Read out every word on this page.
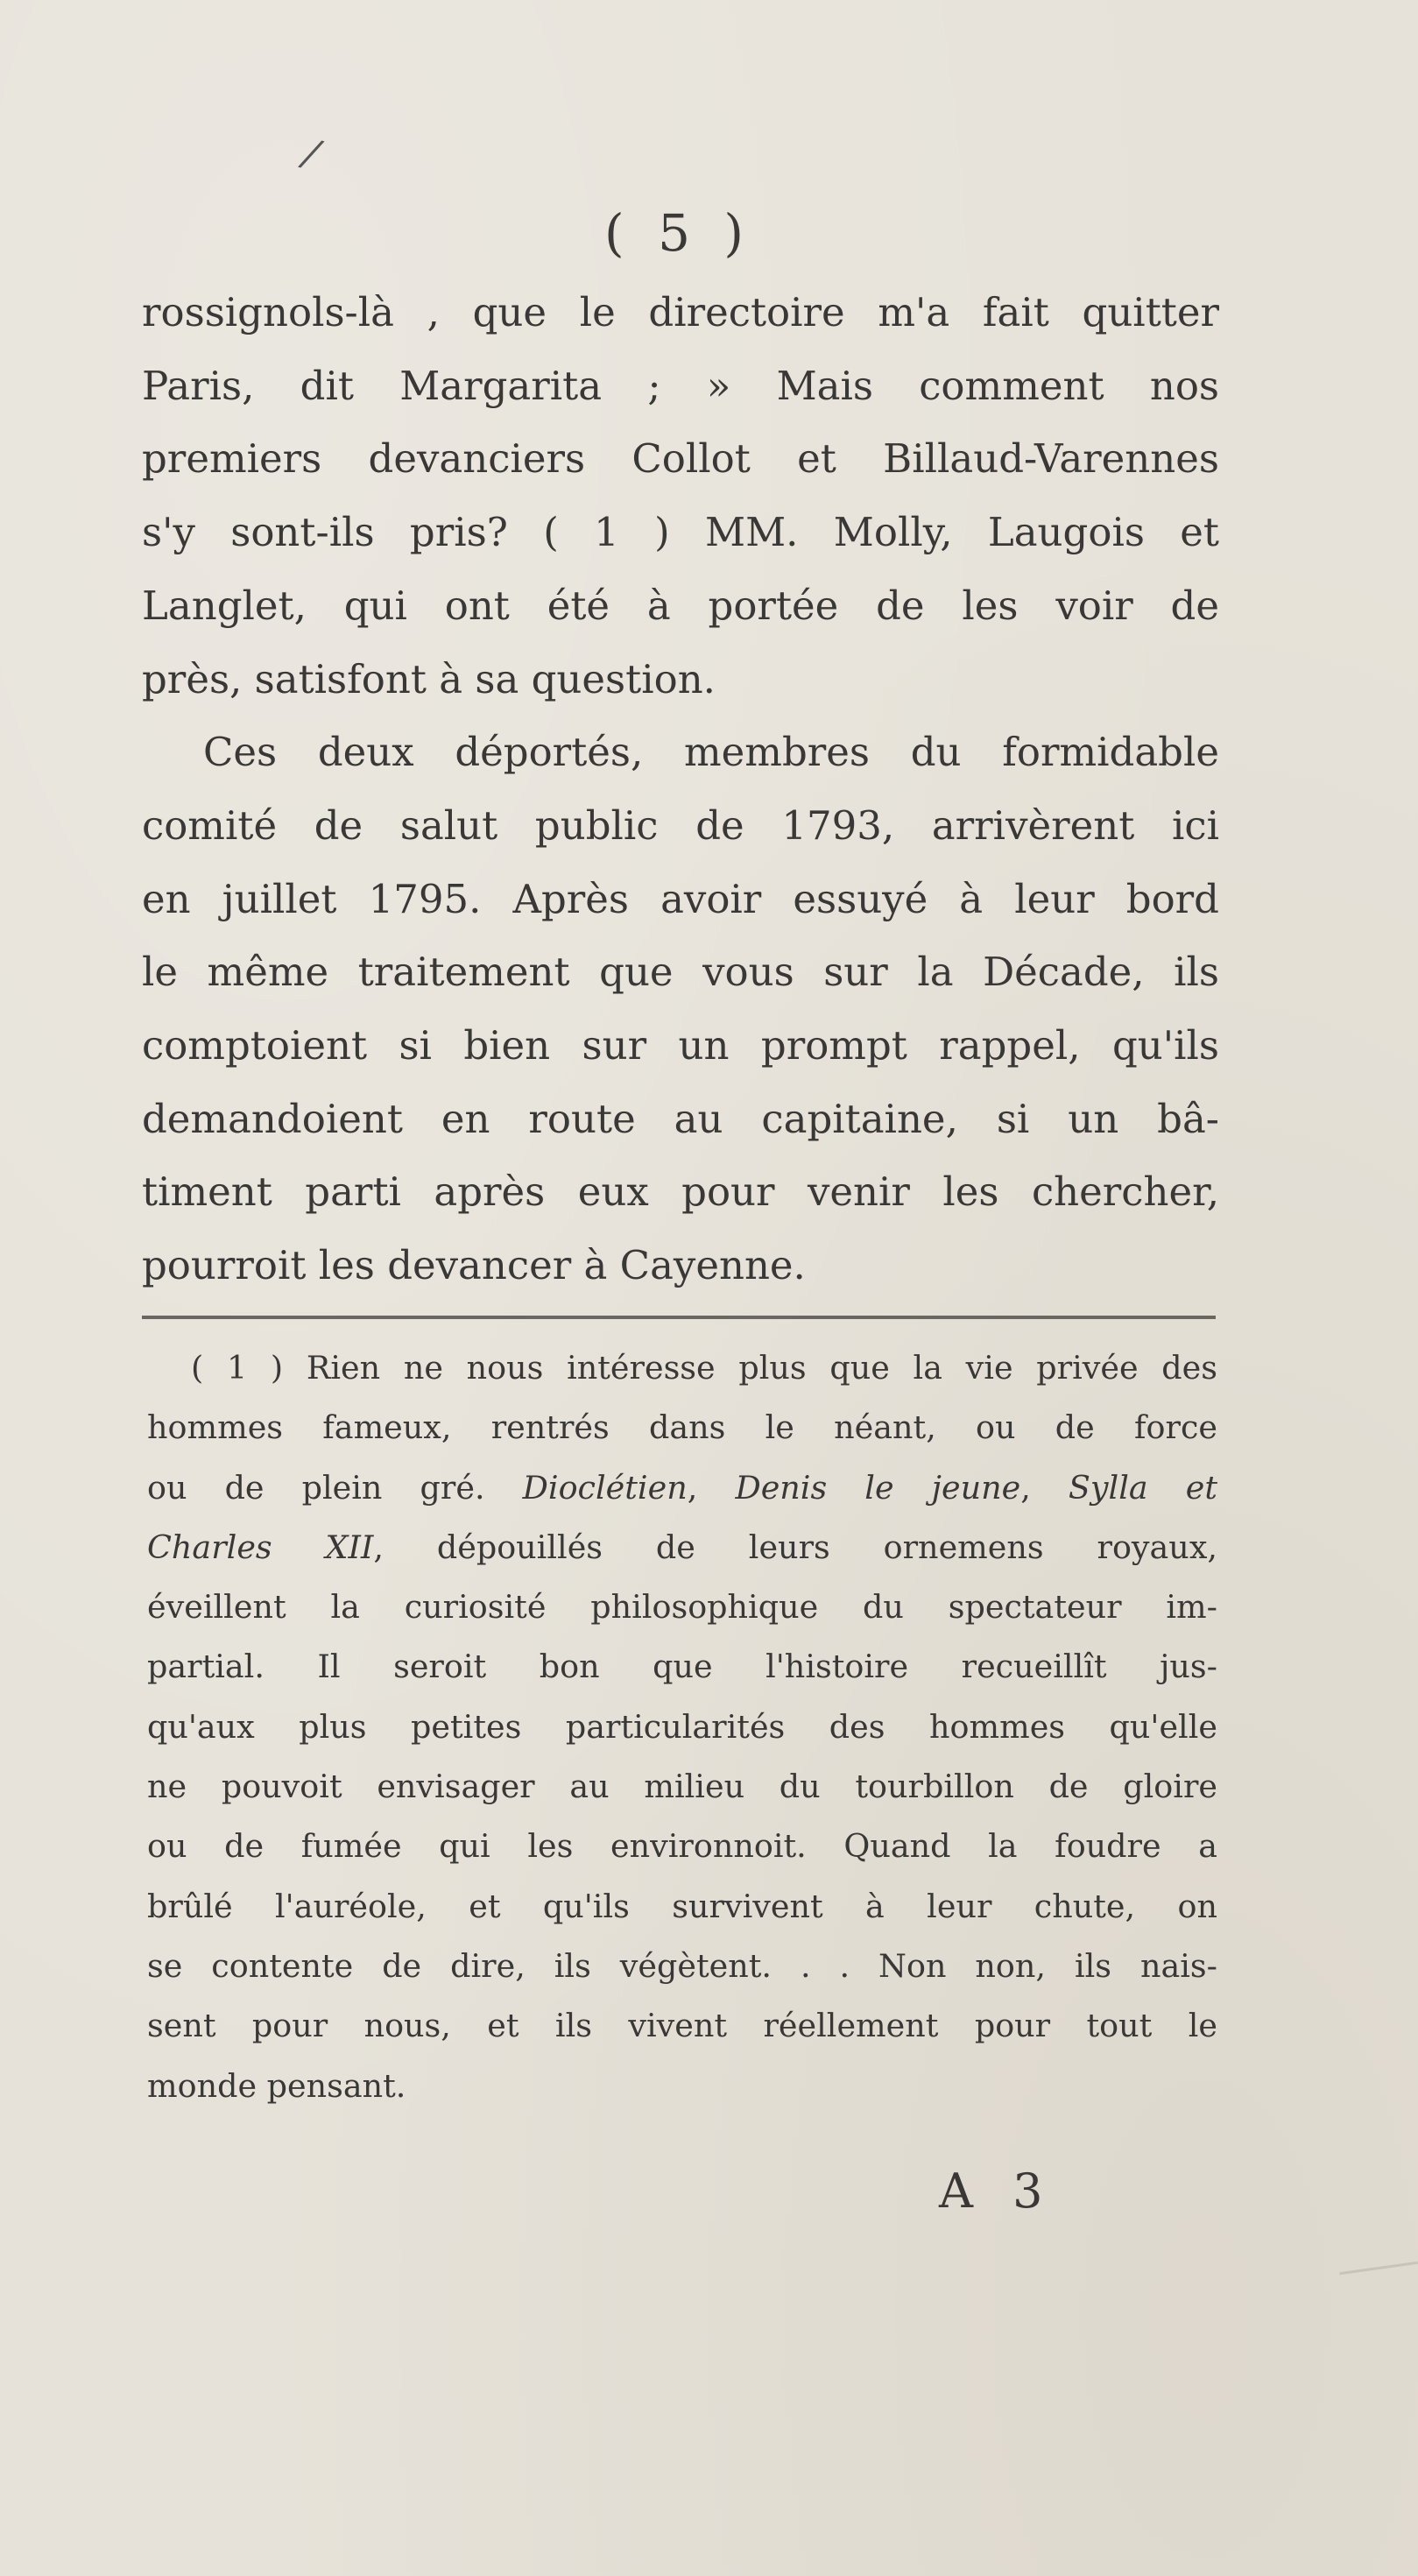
/
( 5 )
rossignols-là , que le directoire m'a fait quitter
Paris, dit Margarita ; » Mais comment nos
premiers devanciers Collot et Billaud-Varennes
s'y sont-ils pris? ( 1 ) MM. Molly, Laugois et
Langlet, qui ont été à portée de les voir de
près, satisfont à sa question.
Ces deux déportés, membres du formidable
comité de salut public de 1793, arrivèrent ici
en juillet 1795. Après avoir essuyé à leur bord
le même traitement que vous sur la Décade, ils
comptoient si bien sur un prompt rappel, qu'ils
demandoient en route au capitaine, si un bâ-
timent parti après eux pour venir les chercher,
pourroit les devancer à Cayenne.
( 1 ) Rien ne nous intéresse plus que la vie privée des
hommes fameux, rentrés dans le néant, ou de force
ou de plein gré. Dioclétien, Denis le jeune, Sylla et
Charles XII, dépouillés de leurs ornemens royaux,
éveillent la curiosité philosophique du spectateur im-
partial. Il seroit bon que l'histoire recueillît jus-
qu'aux plus petites particularités des hommes qu'elle
ne pouvoit envisager au milieu du tourbillon de gloire
ou de fumée qui les environnoit. Quand la foudre a
brûlé l'auréole, et qu'ils survivent à leur chute, on
se contente de dire, ils végètent. . . Non non, ils nais-
sent pour nous, et ils vivent réellement pour tout le
monde pensant.
A 3
